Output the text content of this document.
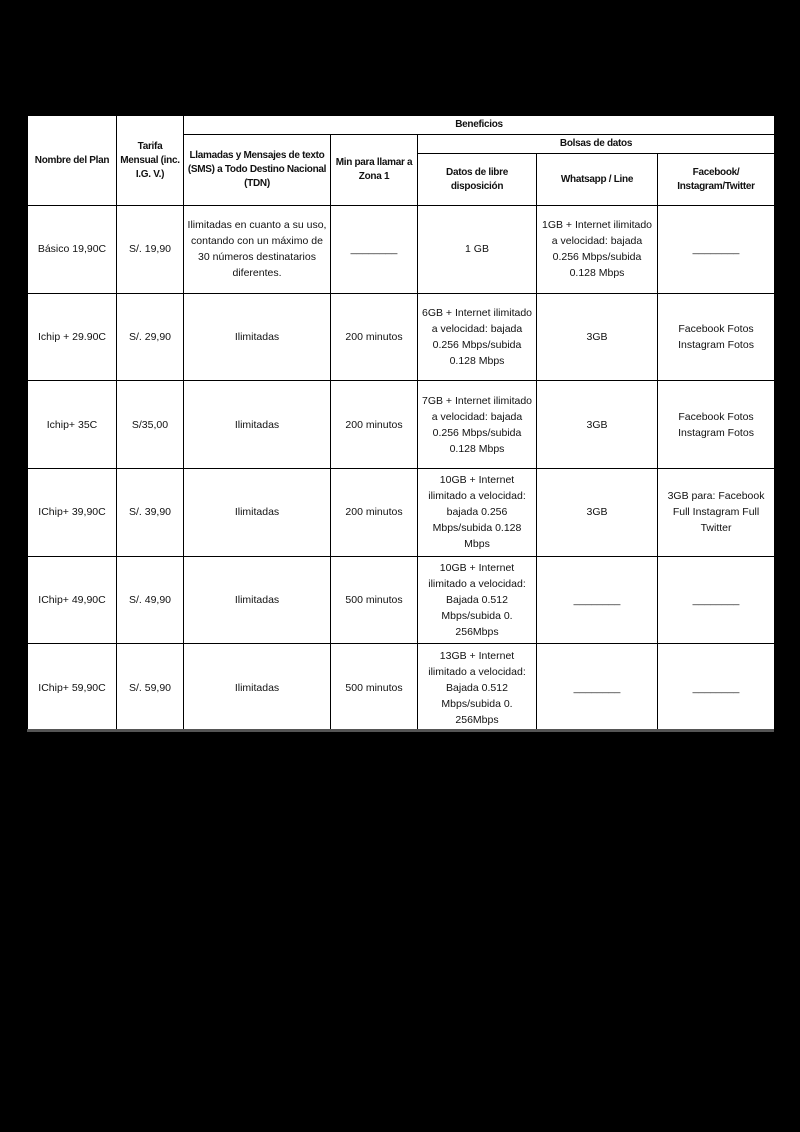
Nombre del Plan	Tarifa Mensual (inc. I.G. V.)	Beneficios				
		Llamadas y Mensajes de texto (SMS) a Todo Destino Nacional (TDN)	Min para llamar a Zona 1	Bolsas de datos		
				Datos de libre disposición	Whatsapp / Line	Facebook/ Instagram/Twitter
Básico 19,90C	S/. 19,90	Ilimitadas en cuanto a su uso, contando con un máximo de 30 números destinatarios diferentes.	________	1 GB	1GB + Internet ilimitado a velocidad: bajada 0.256 Mbps/subida 0.128 Mbps	________
Ichip + 29.90C	S/. 29,90	Ilimitadas	200 minutos	6GB + Internet ilimitado a velocidad: bajada 0.256 Mbps/subida 0.128 Mbps	3GB	Facebook Fotos Instagram Fotos
Ichip+ 35C	S/35,00	Ilimitadas	200 minutos	7GB + Internet ilimitado a velocidad: bajada 0.256 Mbps/subida 0.128 Mbps	3GB	Facebook Fotos Instagram Fotos
IChip+ 39,90C	S/. 39,90	Ilimitadas	200 minutos	10GB + Internet ilimitado a velocidad: bajada 0.256 Mbps/subida 0.128 Mbps	3GB	3GB para: Facebook Full Instagram Full Twitter
IChip+ 49,90C	S/. 49,90	Ilimitadas	500 minutos	10GB + Internet ilimitado a velocidad: Bajada 0.512 Mbps/subida 0. 256Mbps	________	________
IChip+ 59,90C	S/. 59,90	Ilimitadas	500 minutos	13GB + Internet ilimitado a velocidad: Bajada 0.512 Mbps/subida 0. 256Mbps	________	________
